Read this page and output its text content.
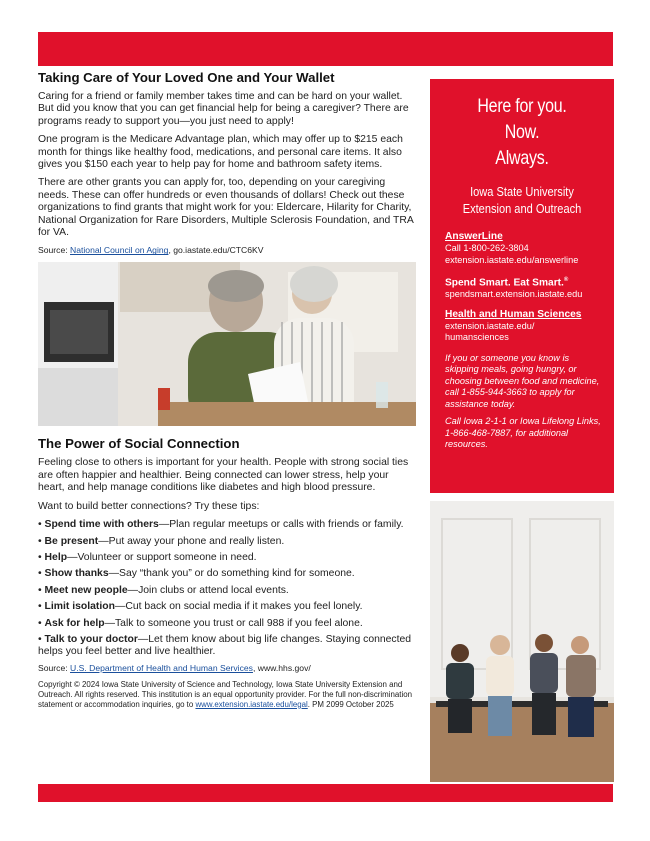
Taking Care of Your Loved One and Your Wallet

Caring for a friend or family member takes time and can be hard on your wallet. But did you know that you can get financial help for being a caregiver? There are programs ready to support you—you just need to apply!

One program is the Medicare Advantage plan, which may offer up to $215 each month for things like healthy food, medications, and personal care items. It also gives you $150 each year to help pay for home and bathroom safety items.

There are other grants you can apply for, too, depending on your caregiving needs. These can offer hundreds or even thousands of dollars! Check out these organizations to find grants that might work for you: Eldercare, Hilarity for Charity, National Organization for Rare Disorders, Multiple Sclerosis Foundation, and TRA for VA.

Source: National Council on Aging, go.iastate.edu/CTC6KV
The Power of Social Connection

Feeling close to others is important for your health. People with strong social ties are often happier and healthier. Being connected can lower stress, help your heart, and help manage conditions like diabetes and high blood pressure.

Want to build better connections? Try these tips:

• Spend time with others—Plan regular meetups or calls with friends or family.
• Be present—Put away your phone and really listen.
• Help—Volunteer or support someone in need.
• Show thanks—Say “thank you” or do something kind for someone.
• Meet new people—Join clubs or attend local events.
• Limit isolation—Cut back on social media if it makes you feel lonely.
• Ask for help—Talk to someone you trust or call 988 if you feel alone.
• Talk to your doctor—Let them know about big life changes. Staying connected helps you feel better and live healthier.
Source: U.S. Department of Health and Human Services, www.hhs.gov/
Copyright © 2024 Iowa State University of Science and Technology, Iowa State University Extension and Outreach. All rights reserved. This institution is an equal opportunity provider. For the full non-discrimination statement or accommodation inquiries, go to www.extension.iastate.edu/legal. PM 2099 October 2025
Here for you.
Now.
Always.
Iowa State University
Extension and Outreach
AnswerLine
Call 1-800-262-3804
extension.iastate.edu/answerline
Spend Smart. Eat Smart.®
spendsmart.extension.iastate.edu
Health and Human Sciences
extension.iastate.edu/
humansciences
If you or someone you know is skipping meals, going hungry, or choosing between food and medicine, call 1-855-944-3663 to apply for assistance today.
Call Iowa 2-1-1 or Iowa Lifelong Links, 1-866-468-7887, for additional resources.
